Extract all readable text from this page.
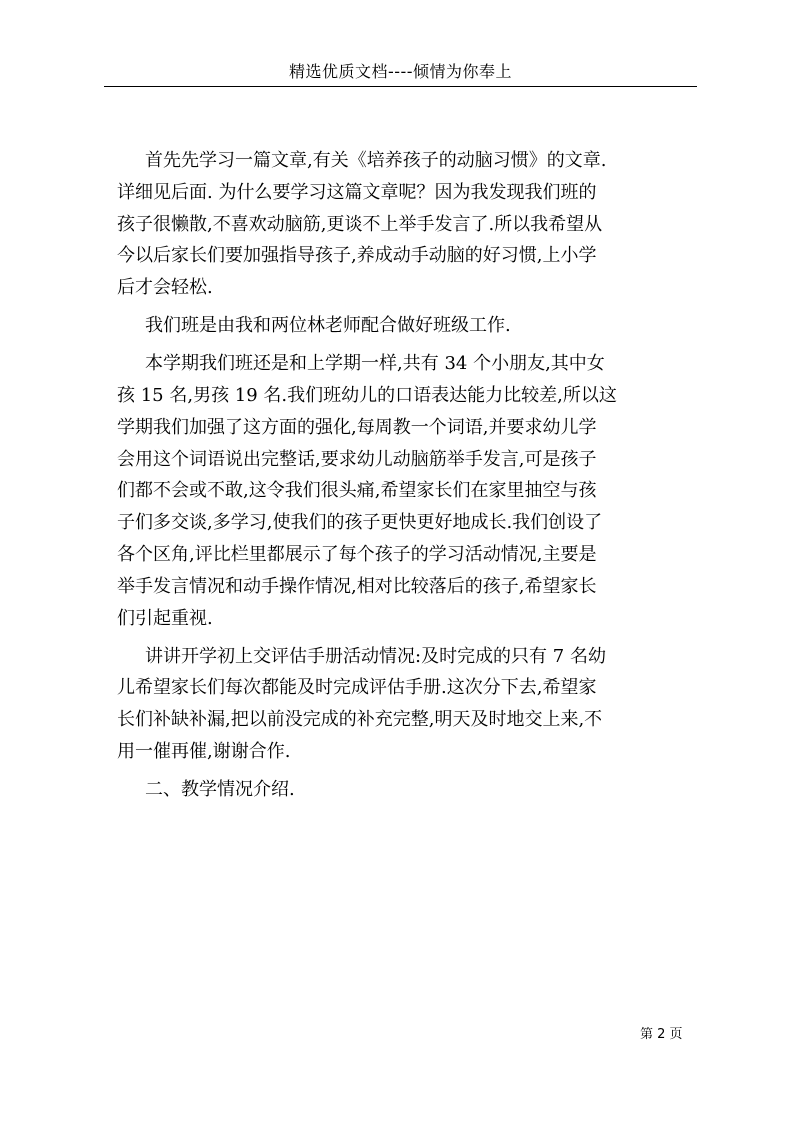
精选优质文档----倾情为你奉上
首先先学习一篇文章,有关《培养孩子的动脑习惯》的文章.
详细见后面. 为什么要学习这篇文章呢？因为我发现我们班的
孩子很懒散,不喜欢动脑筋,更谈不上举手发言了.所以我希望从
今以后家长们要加强指导孩子,养成动手动脑的好习惯,上小学
后才会轻松.
我们班是由我和两位林老师配合做好班级工作.
本学期我们班还是和上学期一样,共有 34 个小朋友,其中女
孩 15 名,男孩 19 名.我们班幼儿的口语表达能力比较差,所以这
学期我们加强了这方面的强化,每周教一个词语,并要求幼儿学
会用这个词语说出完整话,要求幼儿动脑筋举手发言,可是孩子
们都不会或不敢,这令我们很头痛,希望家长们在家里抽空与孩
子们多交谈,多学习,使我们的孩子更快更好地成长.我们创设了
各个区角,评比栏里都展示了每个孩子的学习活动情况,主要是
举手发言情况和动手操作情况,相对比较落后的孩子,希望家长
们引起重视.
讲讲开学初上交评估手册活动情况:及时完成的只有 7 名幼
儿希望家长们每次都能及时完成评估手册.这次分下去,希望家
长们补缺补漏,把以前没完成的补充完整,明天及时地交上来,不
用一催再催,谢谢合作.
二、教学情况介绍.
第 2 页
